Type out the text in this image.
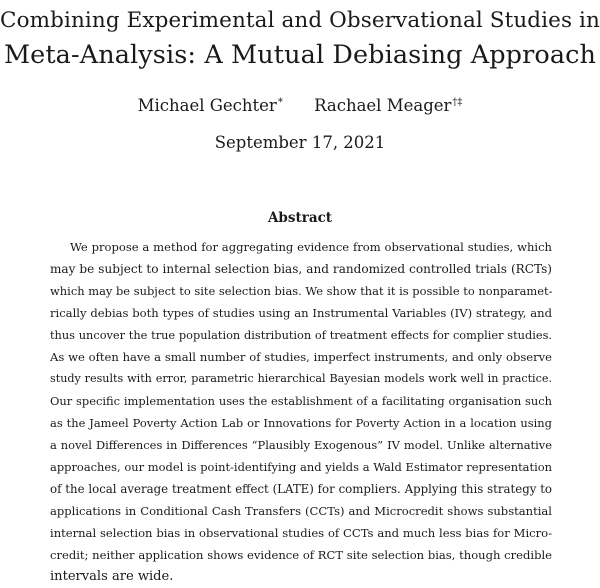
Combining Experimental and Observational Studies in
Meta-Analysis: A Mutual Debiasing Approach
Michael Gechter* Rachael Meager†‡
September 17, 2021
Abstract
We propose a method for aggregating evidence from observational studies, which
may be subject to internal selection bias, and randomized controlled trials (RCTs)
which may be subject to site selection bias. We show that it is possible to nonparamet-
rically debias both types of studies using an Instrumental Variables (IV) strategy, and
thus uncover the true population distribution of treatment effects for complier studies.
As we often have a small number of studies, imperfect instruments, and only observe
study results with error, parametric hierarchical Bayesian models work well in practice.
Our specific implementation uses the establishment of a facilitating organisation such
as the Jameel Poverty Action Lab or Innovations for Poverty Action in a location using
a novel Differences in Differences “Plausibly Exogenous” IV model. Unlike alternative
approaches, our model is point-identifying and yields a Wald Estimator representation
of the local average treatment effect (LATE) for compliers. Applying this strategy to
applications in Conditional Cash Transfers (CCTs) and Microcredit shows substantial
internal selection bias in observational studies of CCTs and much less bias for Micro-
credit; neither application shows evidence of RCT site selection bias, though credible
intervals are wide.
